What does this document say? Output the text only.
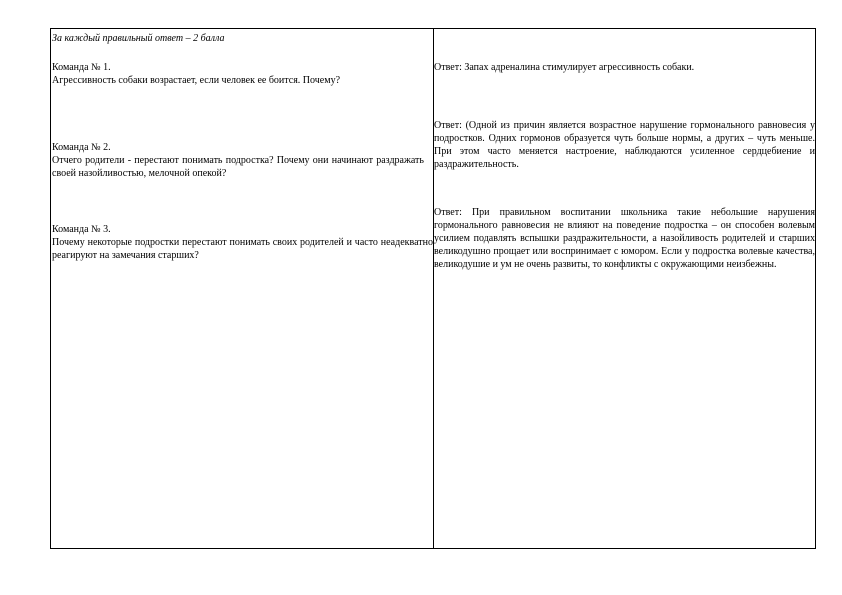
За каждый правильный ответ – 2 балла
Команда № 1.
Агрессивность собаки возрастает, если человек ее боится. Почему?
Команда № 2.
Отчего родители - перестают понимать подростка? Почему они начинают раздражать своей назойливостью, мелочной опекой?
Команда № 3.
Почему некоторые подростки перестают понимать своих родителей и часто неадекватно реагируют на замечания старших?
Ответ: Запах адреналина стимулирует агрессивность собаки.
Ответ: (Одной из причин является возрастное нарушение гормонального равновесия у подростков. Одних гормонов образуется чуть больше нормы, а других – чуть меньше. При этом часто меняется настроение, наблюдаются усиленное сердцебиение и раздражительность.
Ответ: При правильном воспитании школьника такие небольшие нарушения гормонального равновесия не влияют на поведение подростка – он способен волевым усилием подавлять вспышки раздражительности, а назойливость родителей и старших великодушно прощает или воспринимает с юмором. Если у подростка волевые качества, великодушие и ум не очень развиты, то конфликты с окружающими неизбежны.
